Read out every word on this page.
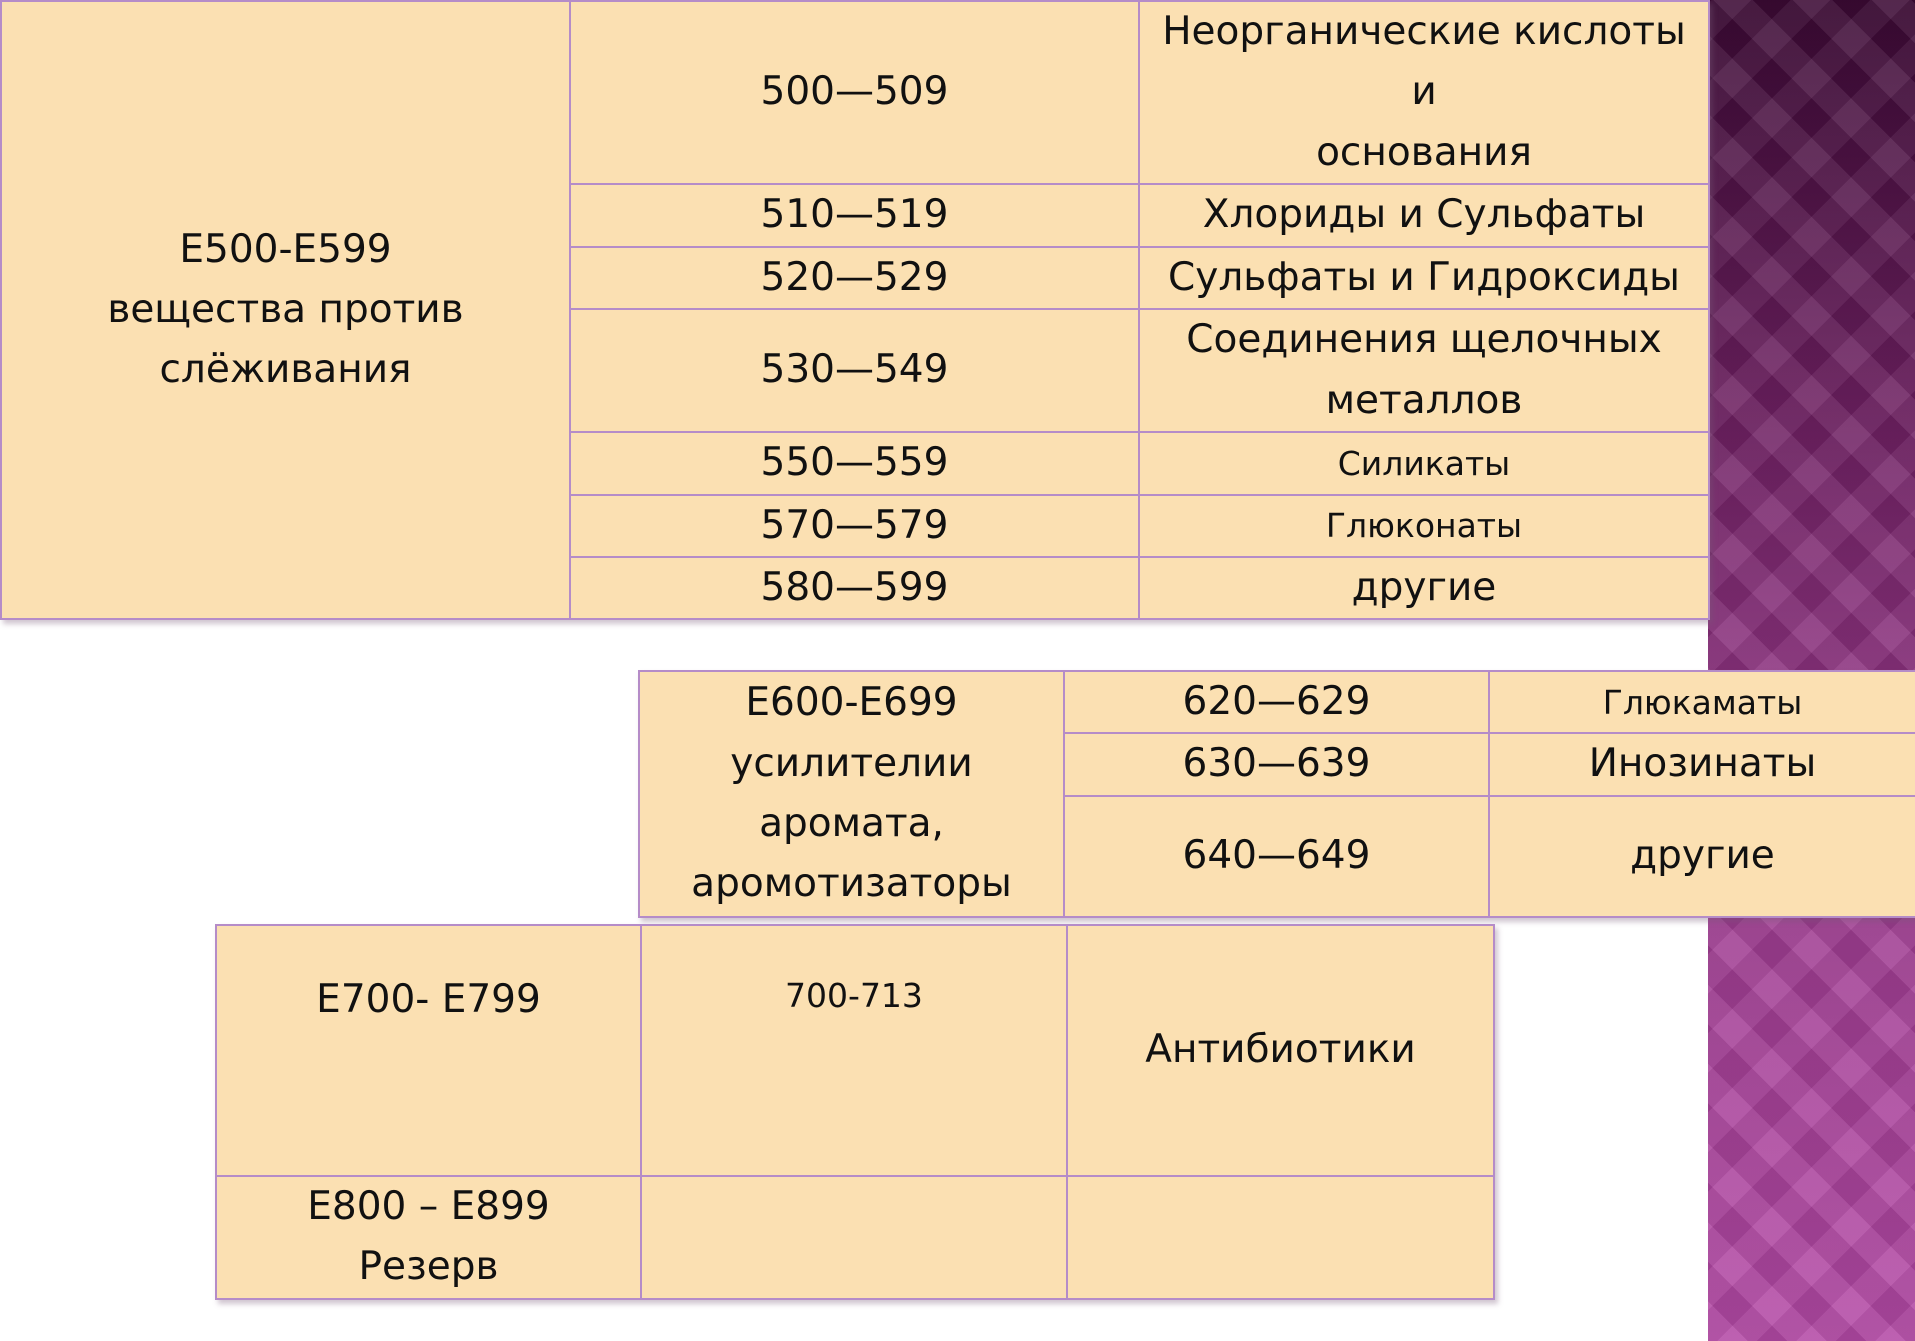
Е500-Е599
вещества против
слёживания	500—509	Неорганические кислоты и
основания

	510—519	Хлориды и Сульфаты
	520—529	Сульфаты и Гидроксиды
	530—549	Соединения щелочных
металлов

	550—559	Силикаты
	570—579	Глюконаты
	580—599	другие
Е600-Е699
усилителии
аромата,
аромотизаторы	620—629	Глюкаматы
	630—639	Инозинаты
	640—649	другие
Е700- Е799	700-713	Антибиотики

Е800 – Е899
Резерв		
